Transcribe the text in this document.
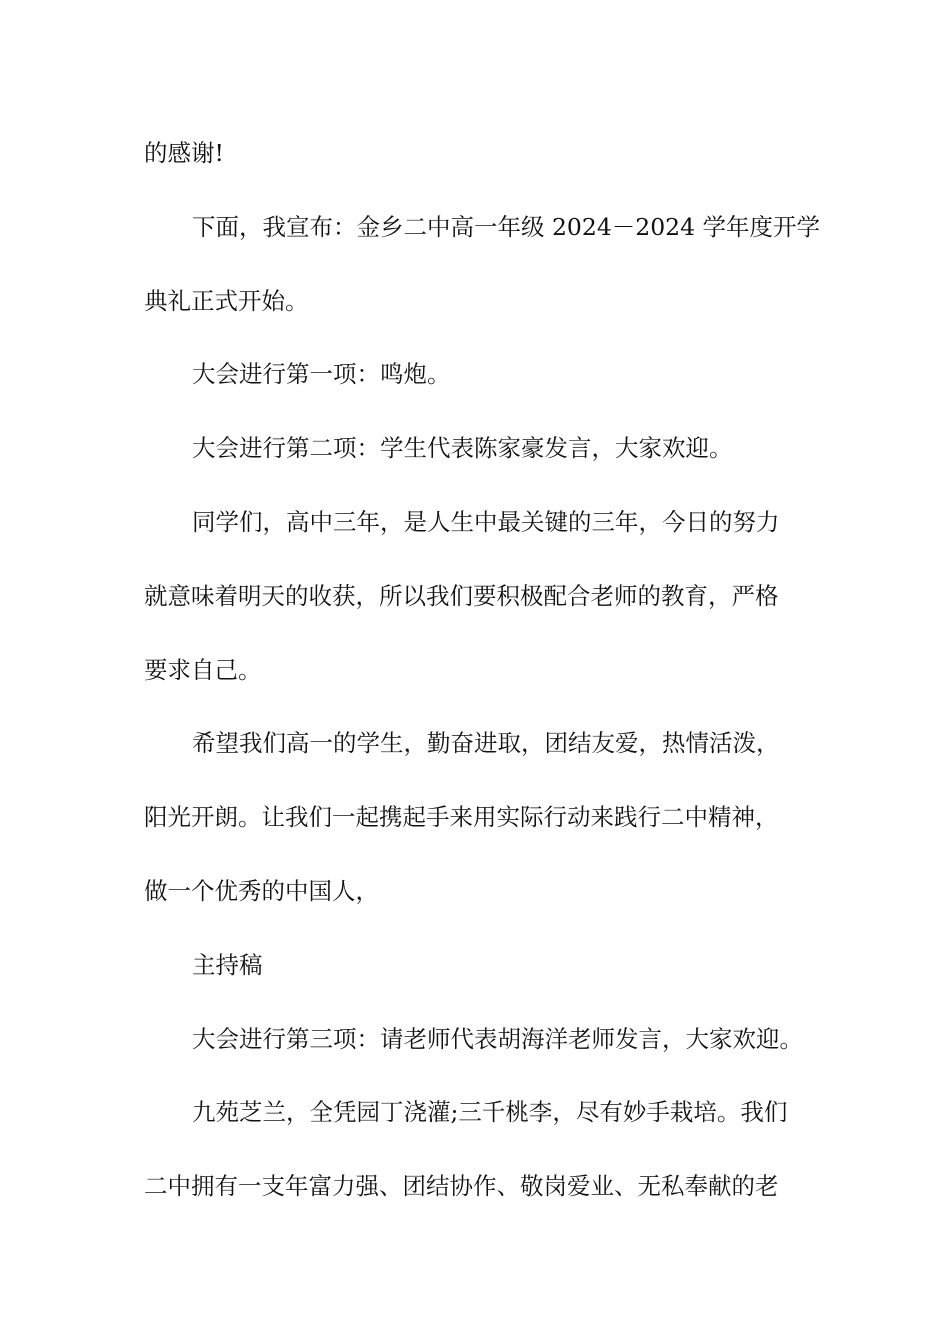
的感谢!
下面，我宣布：金乡二中高一年级 2024－2024 学年度开学
典礼正式开始。
大会进行第一项：鸣炮。
大会进行第二项：学生代表陈家豪发言，大家欢迎。
同学们，高中三年，是人生中最关键的三年，今日的努力
就意味着明天的收获，所以我们要积极配合老师的教育，严格
要求自己。
希望我们高一的学生，勤奋进取，团结友爱，热情活泼，
阳光开朗。让我们一起携起手来用实际行动来践行二中精神，
做一个优秀的中国人，
主持稿
大会进行第三项：请老师代表胡海洋老师发言，大家欢迎。
九苑芝兰，全凭园丁浇灌;三千桃李，尽有妙手栽培。我们
二中拥有一支年富力强、团结协作、敬岗爱业、无私奉献的老
